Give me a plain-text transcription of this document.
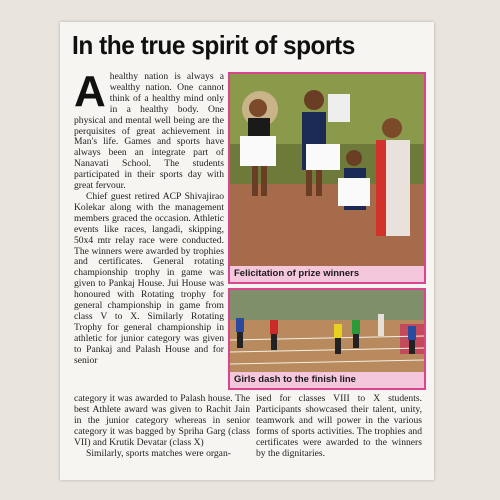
In the true spirit of sports

Ahealthy nation is always a wealthy nation. One cannot think of a healthy mind only in a healthy body. One physical and mental well being are the perquisites of great achievement in Man's life. Games and sports have always been an integrate part of Nanavati School. The students participated in their sports day with great fervour.

Chief guest retired ACP Shivajirao Kolekar along with the management members graced the occasion. Athletic events like races, langadi, skipping, 50x4 mtr relay race were conducted. The winners were awarded by trophies and certificates. General rotating championship trophy in game was given to Pankaj House. Jui House was honoured with Rotating trophy for general championship in game from class V to X. Similarly Rotating Trophy for general championship in athletic for junior category was given to Pankaj and Palash House and for senior

Felicitation of prize winners
Girls dash to the finish line

category it was awarded to Palash house. The best Athlete award was given to Rachit Jain in the junior category whereas in senior category it was bagged by Spriha Garg (class VII) and Krutik Devatar (class X)

Similarly, sports matches were organ-

ised for classes VIII to X students. Participants showcased their talent, unity, teamwork and will power in the various forms of sports activities. The trophies and certificates were awarded to the winners by the dignitaries.
